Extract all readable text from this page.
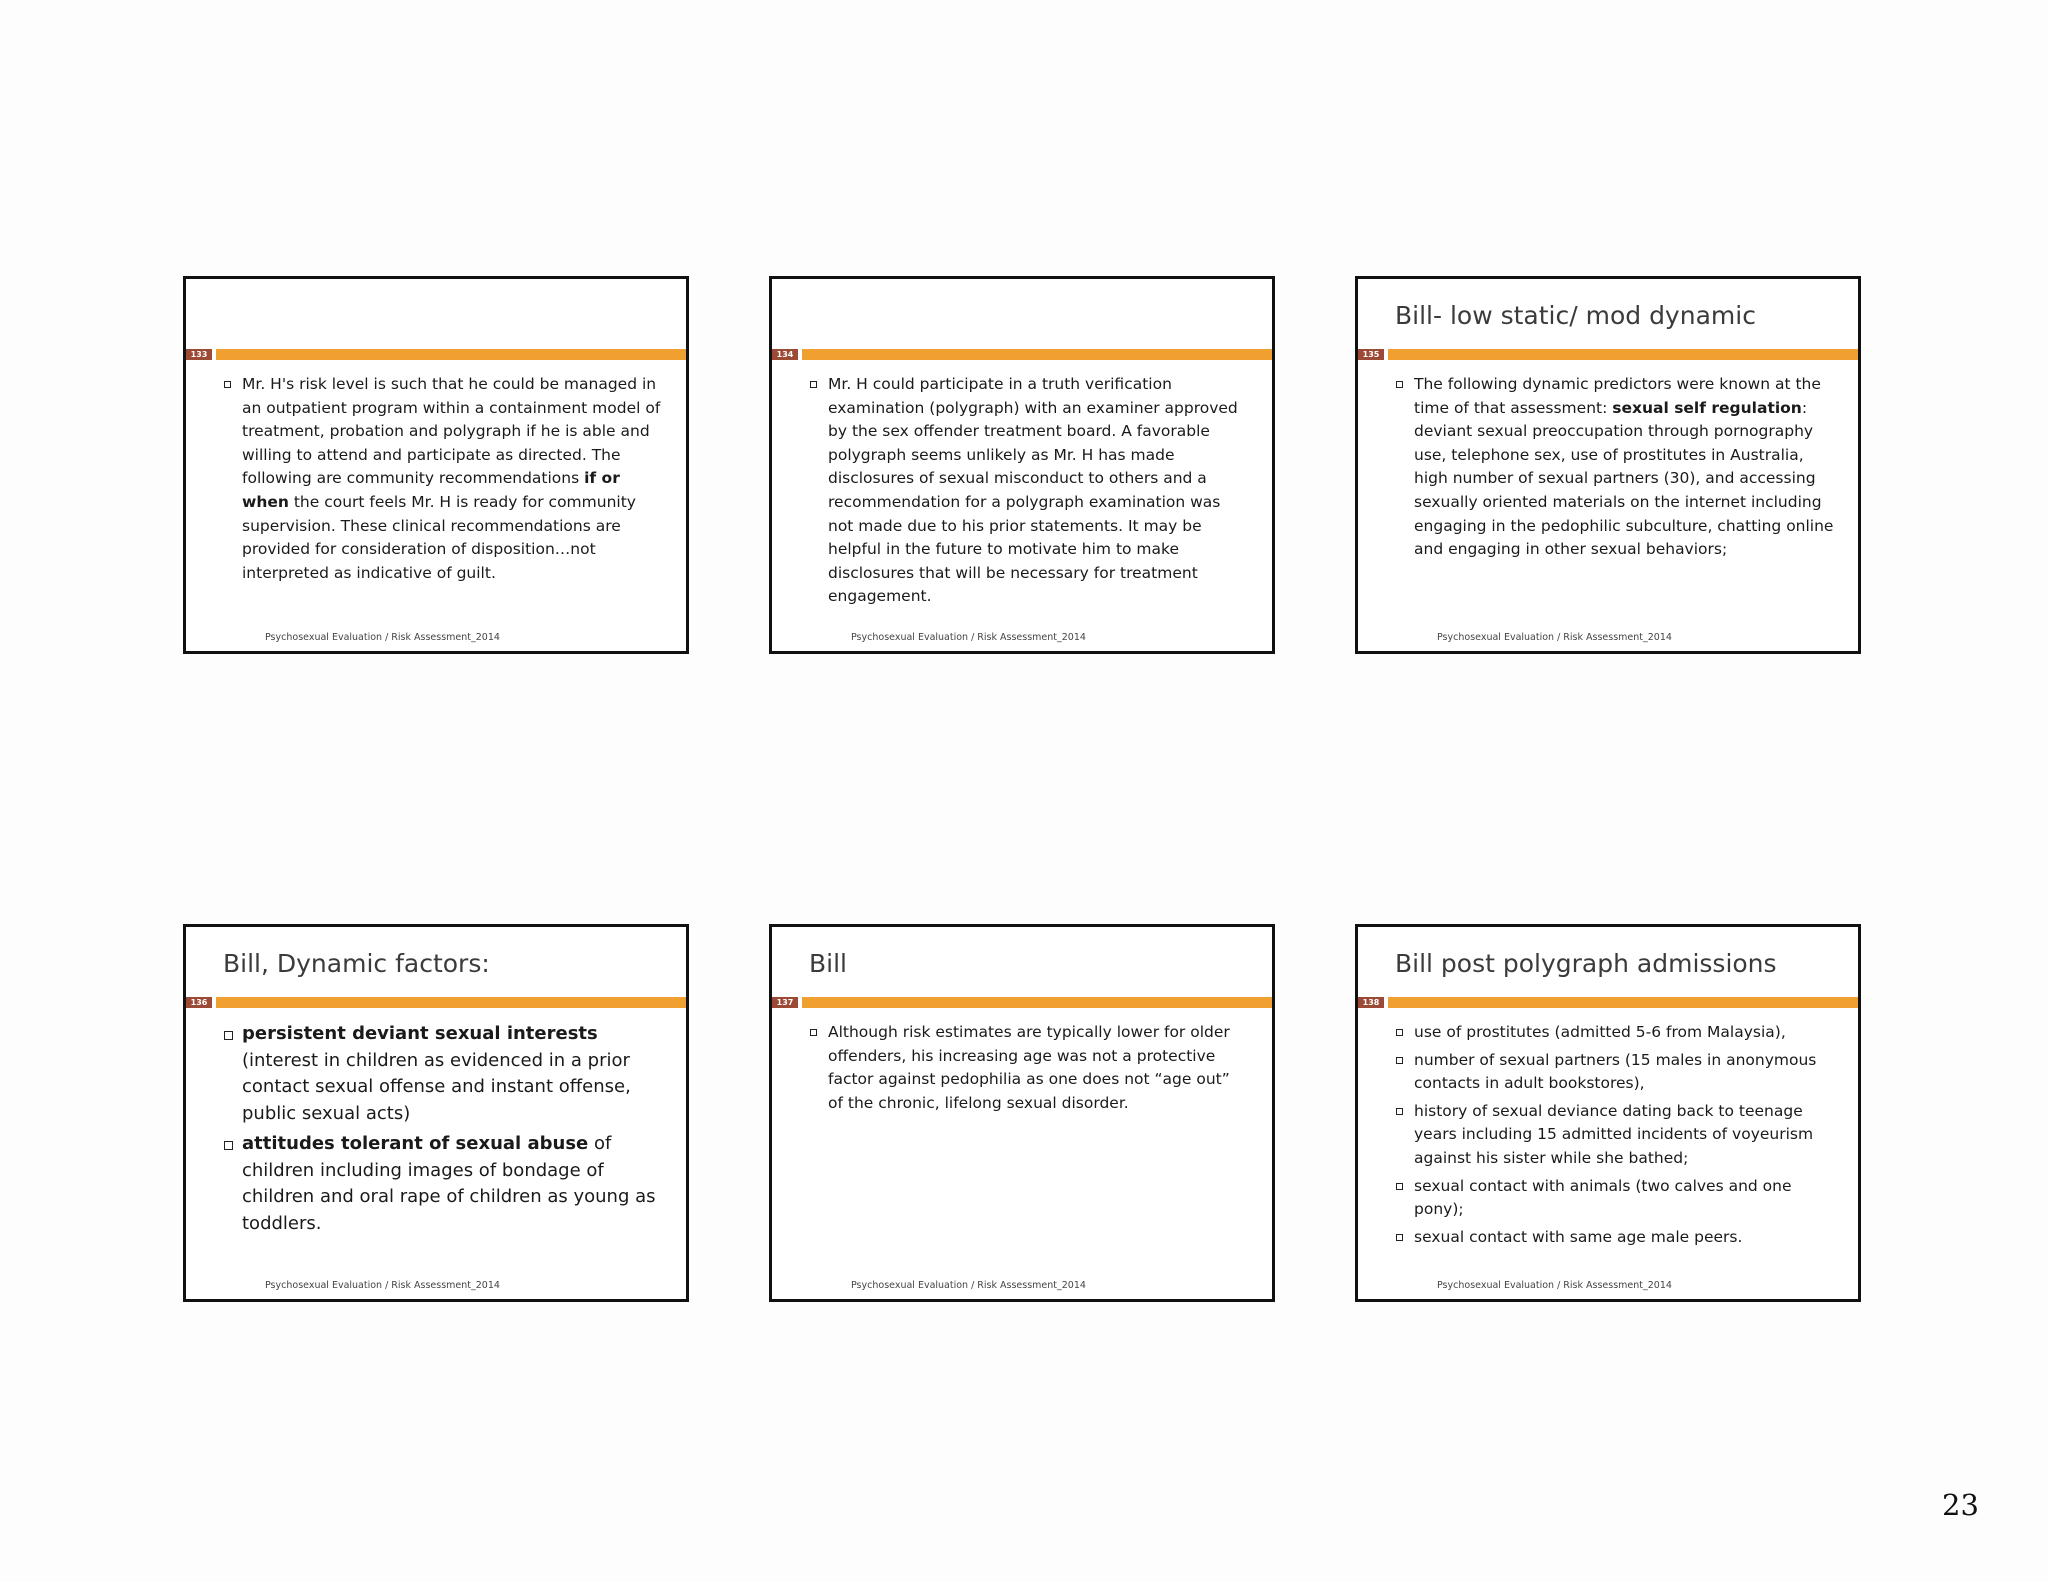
133
Mr. H's risk level is such that he could be managed in an outpatient program within a containment model of treatment, probation and polygraph if he is able and willing to attend and participate as directed. The following are community recommendations if or when the court feels Mr. H is ready for community supervision. These clinical recommendations are provided for consideration of disposition…not interpreted as indicative of guilt.
Psychosexual Evaluation / Risk Assessment_2014
134
Mr. H could participate in a truth verification examination (polygraph) with an examiner approved by the sex offender treatment board. A favorable polygraph seems unlikely as Mr. H has made disclosures of sexual misconduct to others and a recommendation for a polygraph examination was not made due to his prior statements. It may be helpful in the future to motivate him to make disclosures that will be necessary for treatment engagement.
Psychosexual Evaluation / Risk Assessment_2014
Bill- low static/ mod dynamic
135
The following dynamic predictors were known at the time of that assessment: sexual self regulation: deviant sexual preoccupation through pornography use, telephone sex, use of prostitutes in Australia, high number of sexual partners (30), and accessing sexually oriented materials on the internet including engaging in the pedophilic subculture, chatting online and engaging in other sexual behaviors;
Psychosexual Evaluation / Risk Assessment_2014
Bill, Dynamic factors:
136
persistent deviant sexual interests (interest in children as evidenced in a prior contact sexual offense and instant offense, public sexual acts)
attitudes tolerant of sexual abuse of children including images of bondage of children and oral rape of children as young as toddlers.
Psychosexual Evaluation / Risk Assessment_2014
Bill
137
Although risk estimates are typically lower for older offenders, his increasing age was not a protective factor against pedophilia as one does not “age out” of the chronic, lifelong sexual disorder.
Psychosexual Evaluation / Risk Assessment_2014
Bill post polygraph admissions
138
use of prostitutes (admitted 5-6 from Malaysia),
number of sexual partners (15 males in anonymous contacts in adult bookstores),
history of sexual deviance dating back to teenage years including 15 admitted incidents of voyeurism against his sister while she bathed;
sexual contact with animals (two calves and one pony);
sexual contact with same age male peers.
Psychosexual Evaluation / Risk Assessment_2014
23
